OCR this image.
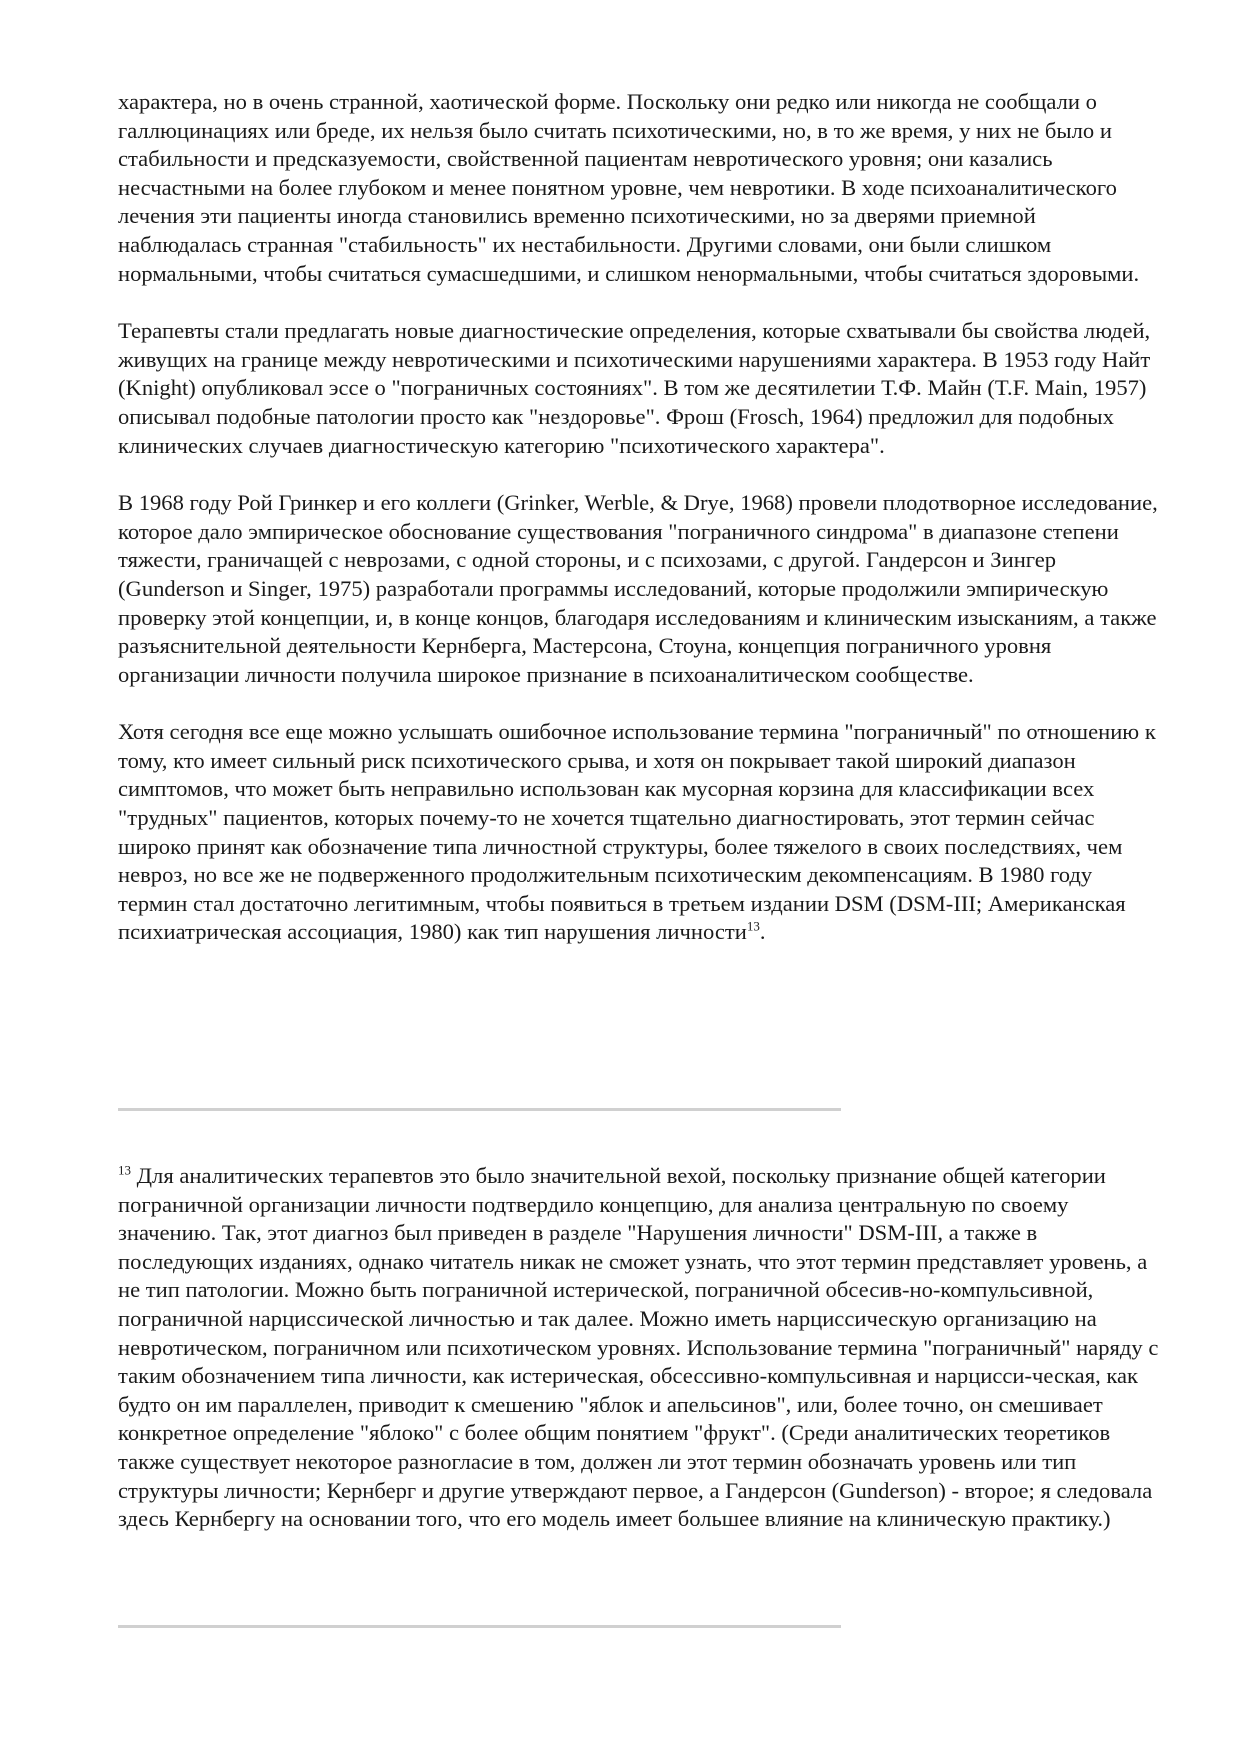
характера, но в очень странной, хаотической форме. Поскольку они редко или никогда не сообщали о галлюцинациях или бреде, их нельзя было считать психотическими, но, в то же время, у них не было и стабильности и предсказуемости, свойственной пациентам невротического уровня; они казались несчастными на более глубоком и менее понятном уровне, чем невротики. В ходе психоаналитического лечения эти пациенты иногда становились временно психотическими, но за дверями приемной наблюдалась странная "стабильность" их нестабильности. Другими словами, они были слишком нормальными, чтобы считаться сумасшедшими, и слишком ненормальными, чтобы считаться здоровыми.

Терапевты стали предлагать новые диагностические определения, которые схватывали бы свойства людей, живущих на границе между невротическими и психотическими нарушениями характера. В 1953 году Найт (Knight) опубликовал эссе о "пограничных состояниях". В том же десятилетии Т.Ф. Майн (T.F. Main, 1957) описывал подобные патологии просто как "нездоровье". Фрош (Frosch, 1964) предложил для подобных клинических случаев диагностическую категорию "психотического характера".

В 1968 году Рой Гринкер и его коллеги (Grinker, Werble, & Drye, 1968) провели плодотворное исследование, которое дало эмпирическое обоснование существования "пограничного синдрома" в диапазоне степени тяжести, граничащей с неврозами, с одной стороны, и с психозами, с другой. Гандерсон и Зингер (Gunderson и Singer, 1975) разработали программы исследований, которые продолжили эмпирическую проверку этой концепции, и, в конце концов, благодаря исследованиям и клиническим изысканиям, а также разъяснительной деятельности Кернберга, Мастерсона, Стоуна, концепция пограничного уровня организации личности получила широкое признание в психоаналитическом сообществе.

Хотя сегодня все еще можно услышать ошибочное использование термина "пограничный" по отношению к тому, кто имеет сильный риск психотического срыва, и хотя он покрывает такой широкий диапазон симптомов, что может быть неправильно использован как мусорная корзина для классификации всех "трудных" пациентов, которых почему-то не хочется тщательно диагностировать, этот термин сейчас широко принят как обозначение типа личностной структуры, более тяжелого в своих последствиях, чем невроз, но все же не подверженного продолжительным психотическим декомпенсациям. В 1980 году термин стал достаточно легитимным, чтобы появиться в третьем издании DSM (DSM-III; Американская психиатрическая ассоциация, 1980) как тип нарушения личности$^{13}$.

$^{13}$ Для аналитических терапевтов это было значительной вехой, поскольку признание общей категории пограничной организации личности подтвердило концепцию, для анализа центральную по своему значению. Так, этот диагноз был приведен в разделе "Нарушения личности" DSM-III, а также в последующих изданиях, однако читатель никак не сможет узнать, что этот термин представляет уровень, а не тип патологии. Можно быть пограничной истерической, пограничной обсесив-но-компульсивной, пограничной нарциссической личностью и так далее. Можно иметь нарциссическую организацию на невротическом, пограничном или психотическом уровнях. Использование термина "пограничный" наряду с таким обозначением типа личности, как истерическая, обсессивно-компульсивная и нарцисси-ческая, как будто он им параллелен, приводит к смешению "яблок и апельсинов", или, более точно, он смешивает конкретное определение "яблоко" с более общим понятием "фрукт". (Среди аналитических теоретиков также существует некоторое разногласие в том, должен ли этот термин обозначать уровень или тип структуры личности; Кернберг и другие утверждают первое, а Гандерсон (Gunderson) - второе; я следовала здесь Кернбергу на основании того, что его модель имеет большее влияние на клиническую практику.)
